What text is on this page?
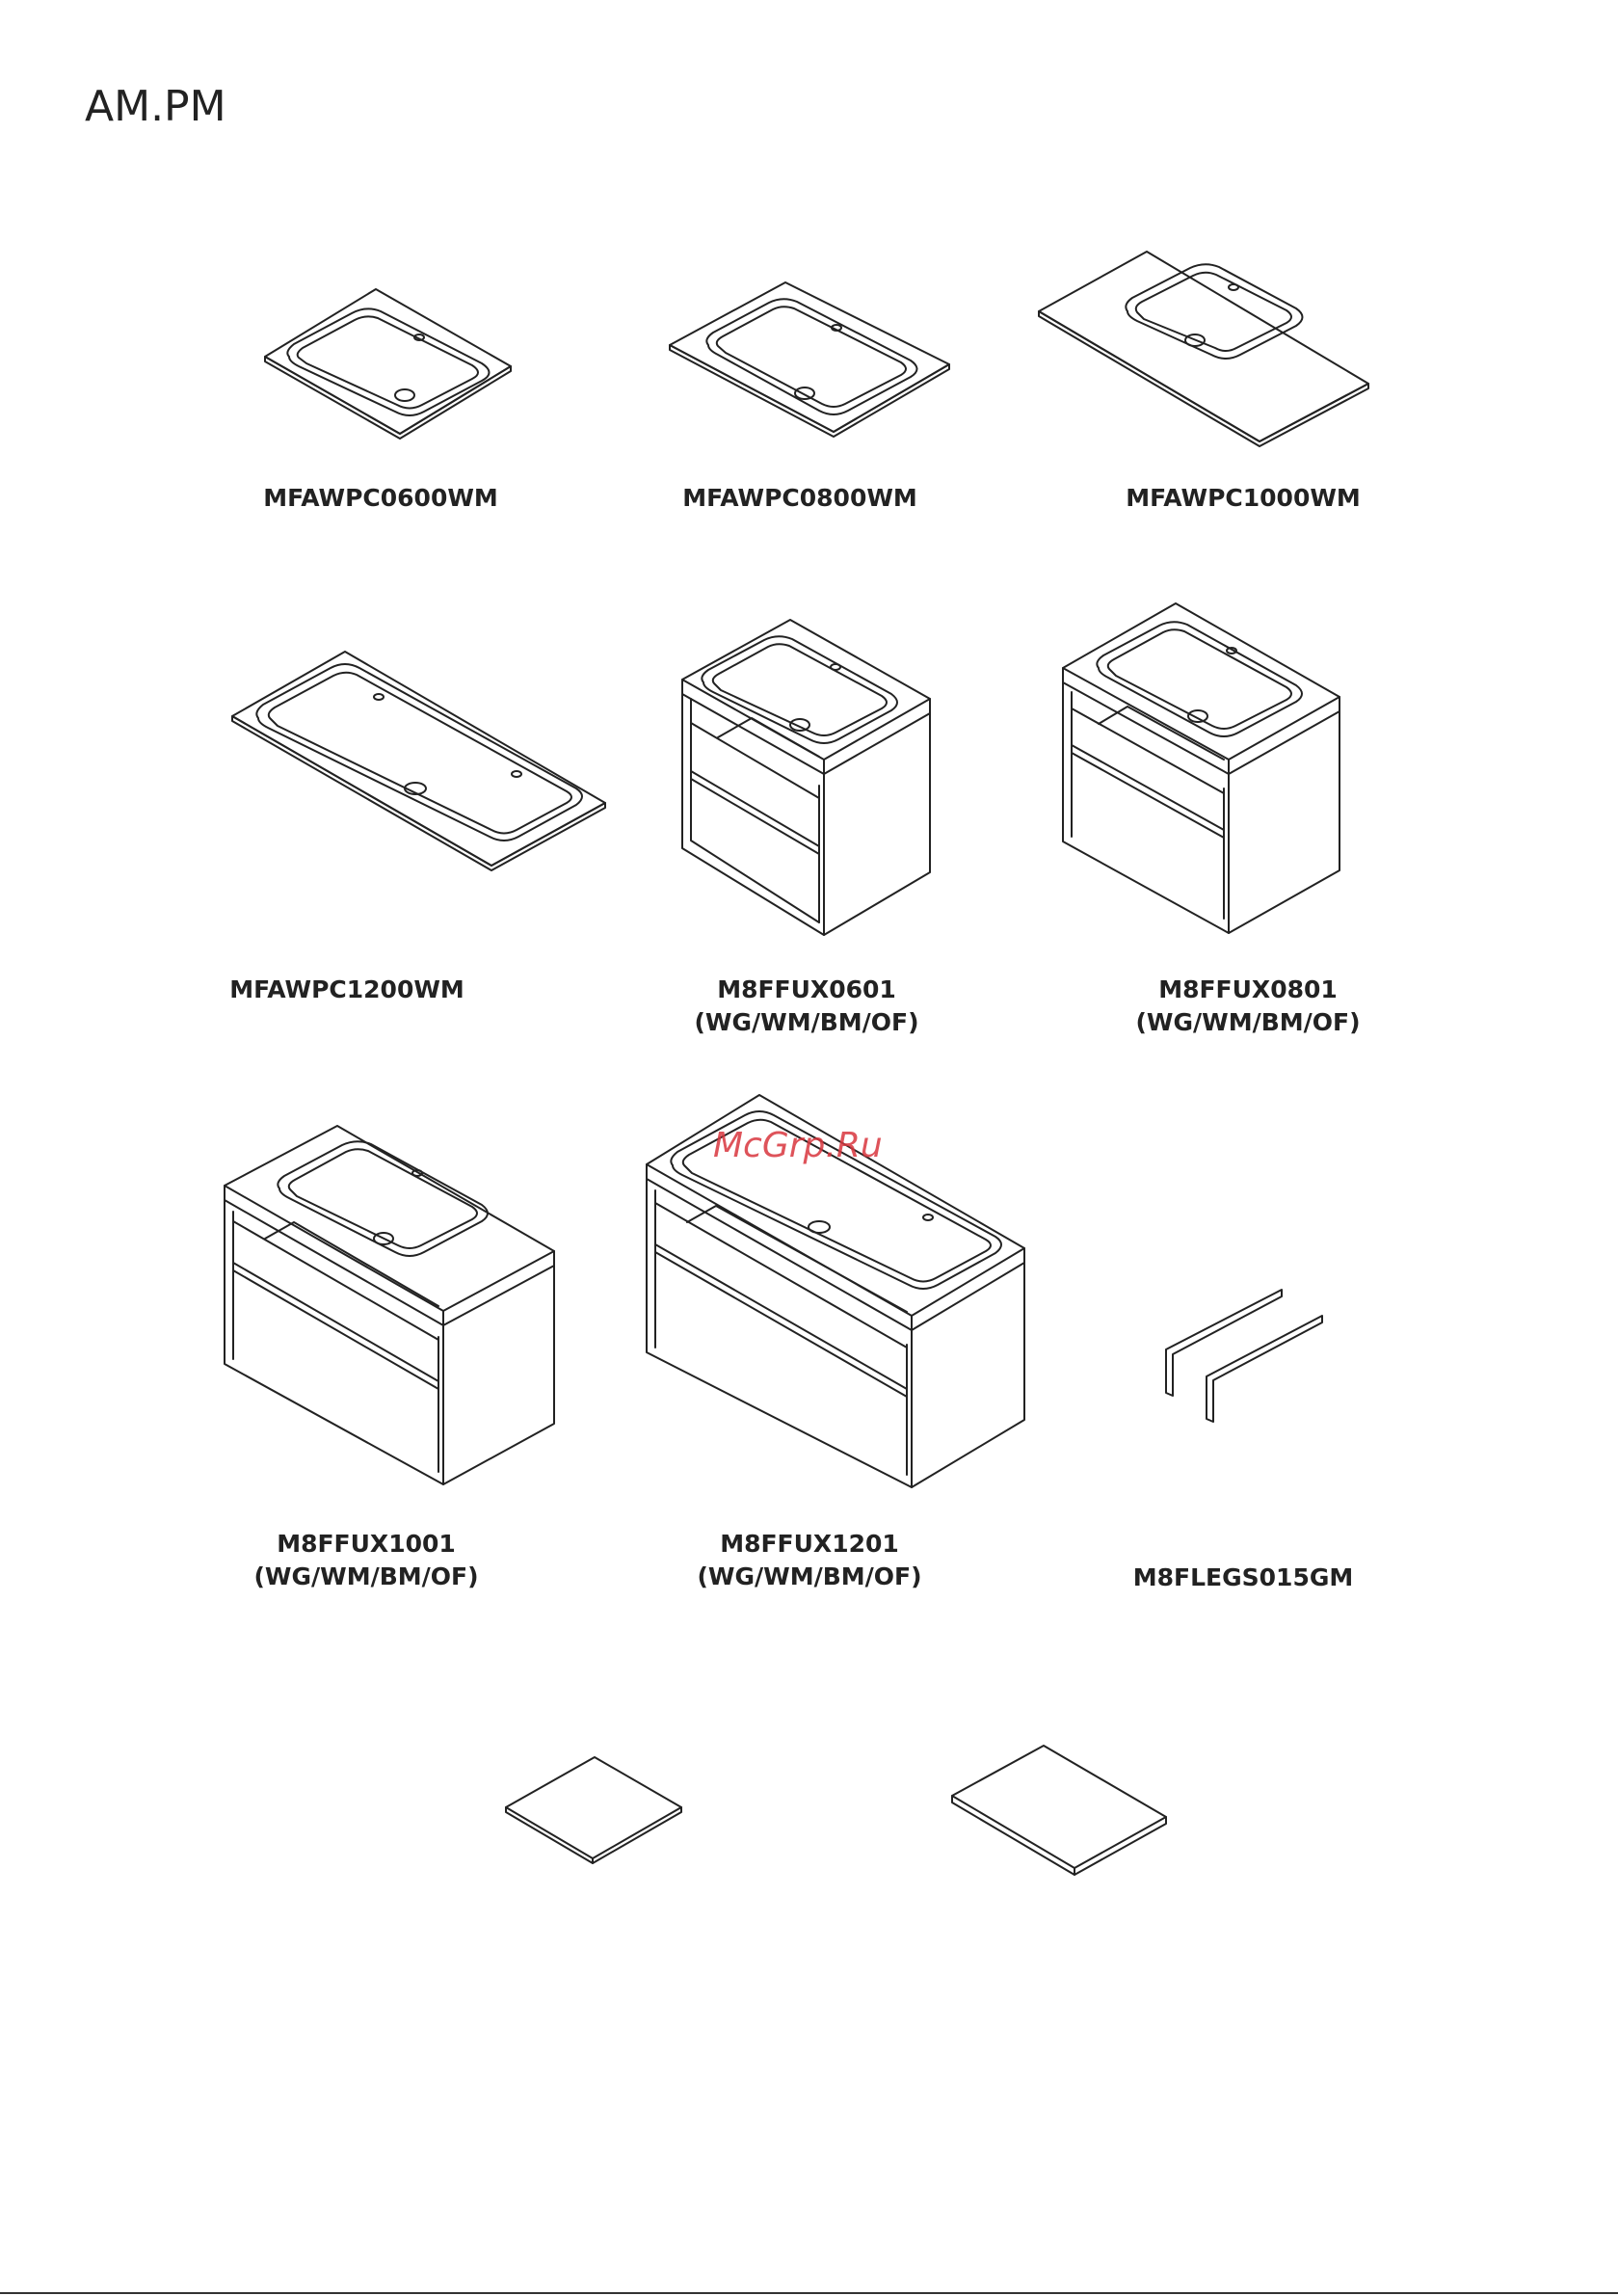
AM.PM
MFAWPC0600WM	MFAWPC0800WM	MFAWPC1000WM
MFAWPC1200WM	M8FFUX0601
(WG/WM/BM/OF)
M8FFUX0801
(WG/WM/BM/OF)
M8FFUX1001
(WG/WM/BM/OF)
M8FFUX1201
(WG/WM/BM/OF)	M8FLEGS015GM
McGrp.Ru
